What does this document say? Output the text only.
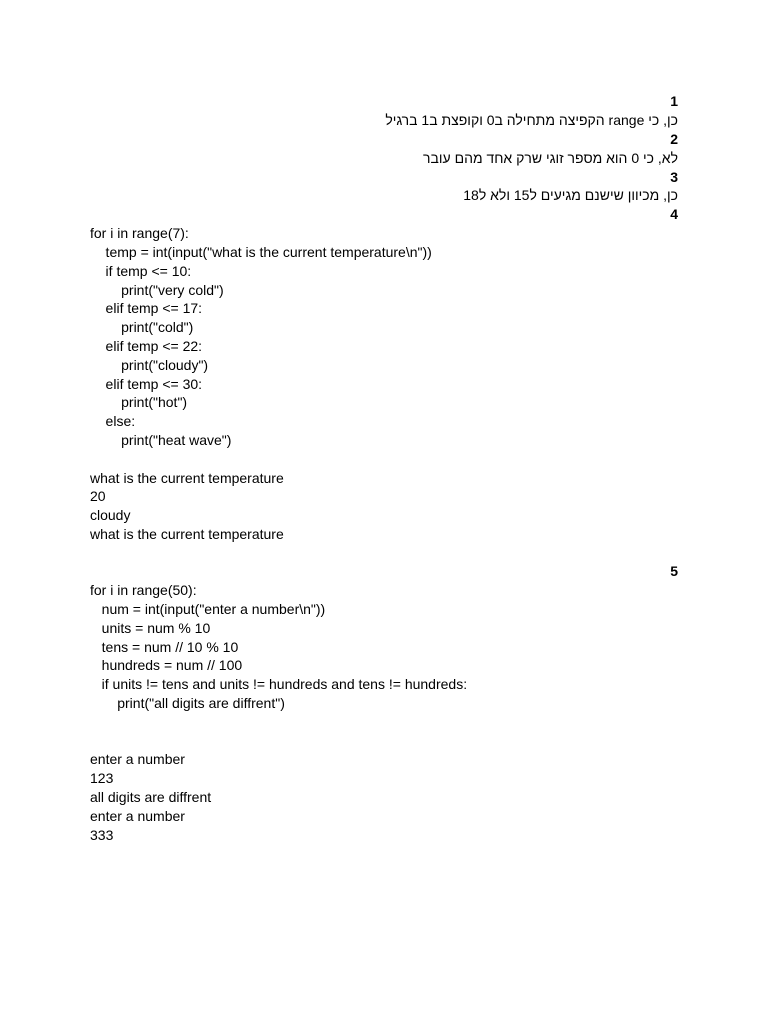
1
כן, כי range הקפיצה מתחילה ב0 וקופצת ב1 ברגיל
2
לא, כי 0 הוא מספר זוגי שרק אחד מהם עובר
3
כן, מכיוון שישנם מגיעים ל15 ולא ל18
4
for i in range(7):
temp = int(input("what is the current temperature\n"))
if temp <= 10:
print("very cold")
elif temp <= 17:
print("cold")
elif temp <= 22:
print("cloudy")
elif temp <= 30:
print("hot")
else:
print("heat wave")
what is the current temperature
20
cloudy
what is the current temperature
5
for i in range(50):
num = int(input("enter a number\n"))
units = num % 10
tens = num // 10 % 10
hundreds = num // 100
if units != tens and units != hundreds and tens != hundreds:
print("all digits are diffrent")
enter a number
123
all digits are diffrent
enter a number
333
